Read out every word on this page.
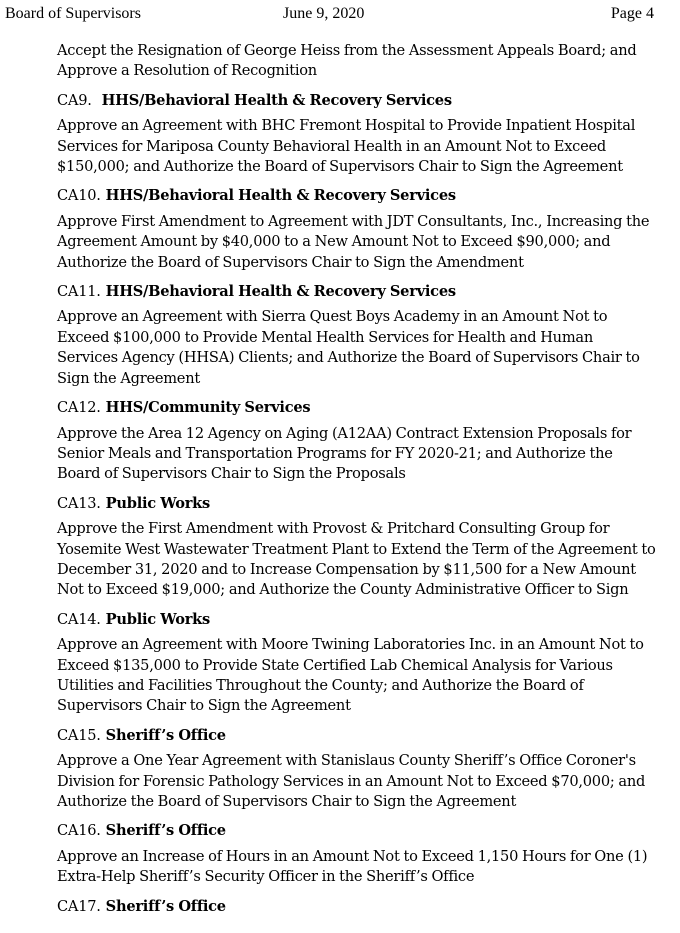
Board of Supervisors	June 9, 2020	Page 4

Accept the Resignation of George Heiss from the Assessment Appeals Board; and Approve a Resolution of Recognition

CA9. HHS/Behavioral Health & Recovery Services

Approve an Agreement with BHC Fremont Hospital to Provide Inpatient Hospital Services for Mariposa County Behavioral Health in an Amount Not to Exceed $150,000; and Authorize the Board of Supervisors Chair to Sign the Agreement

CA10. HHS/Behavioral Health & Recovery Services

Approve First Amendment to Agreement with JDT Consultants, Inc., Increasing the Agreement Amount by $40,000 to a New Amount Not to Exceed $90,000; and Authorize the Board of Supervisors Chair to Sign the Amendment

CA11. HHS/Behavioral Health & Recovery Services

Approve an Agreement with Sierra Quest Boys Academy in an Amount Not to Exceed $100,000 to Provide Mental Health Services for Health and Human Services Agency (HHSA) Clients; and Authorize the Board of Supervisors Chair to Sign the Agreement

CA12. HHS/Community Services

Approve the Area 12 Agency on Aging (A12AA) Contract Extension Proposals for Senior Meals and Transportation Programs for FY 2020-21; and Authorize the Board of Supervisors Chair to Sign the Proposals

CA13. Public Works

Approve the First Amendment with Provost & Pritchard Consulting Group for Yosemite West Wastewater Treatment Plant to Extend the Term of the Agreement to December 31, 2020 and to Increase Compensation by $11,500 for a New Amount Not to Exceed $19,000; and Authorize the County Administrative Officer to Sign

CA14. Public Works

Approve an Agreement with Moore Twining Laboratories Inc. in an Amount Not to Exceed $135,000 to Provide State Certified Lab Chemical Analysis for Various Utilities and Facilities Throughout the County; and Authorize the Board of Supervisors Chair to Sign the Agreement

CA15. Sheriff’s Office

Approve a One Year Agreement with Stanislaus County Sheriff’s Office Coroner's Division for Forensic Pathology Services in an Amount Not to Exceed $70,000; and Authorize the Board of Supervisors Chair to Sign the Agreement

CA16. Sheriff’s Office

Approve an Increase of Hours in an Amount Not to Exceed 1,150 Hours for One (1) Extra-Help Sheriff’s Security Officer in the Sheriff’s Office

CA17. Sheriff’s Office
